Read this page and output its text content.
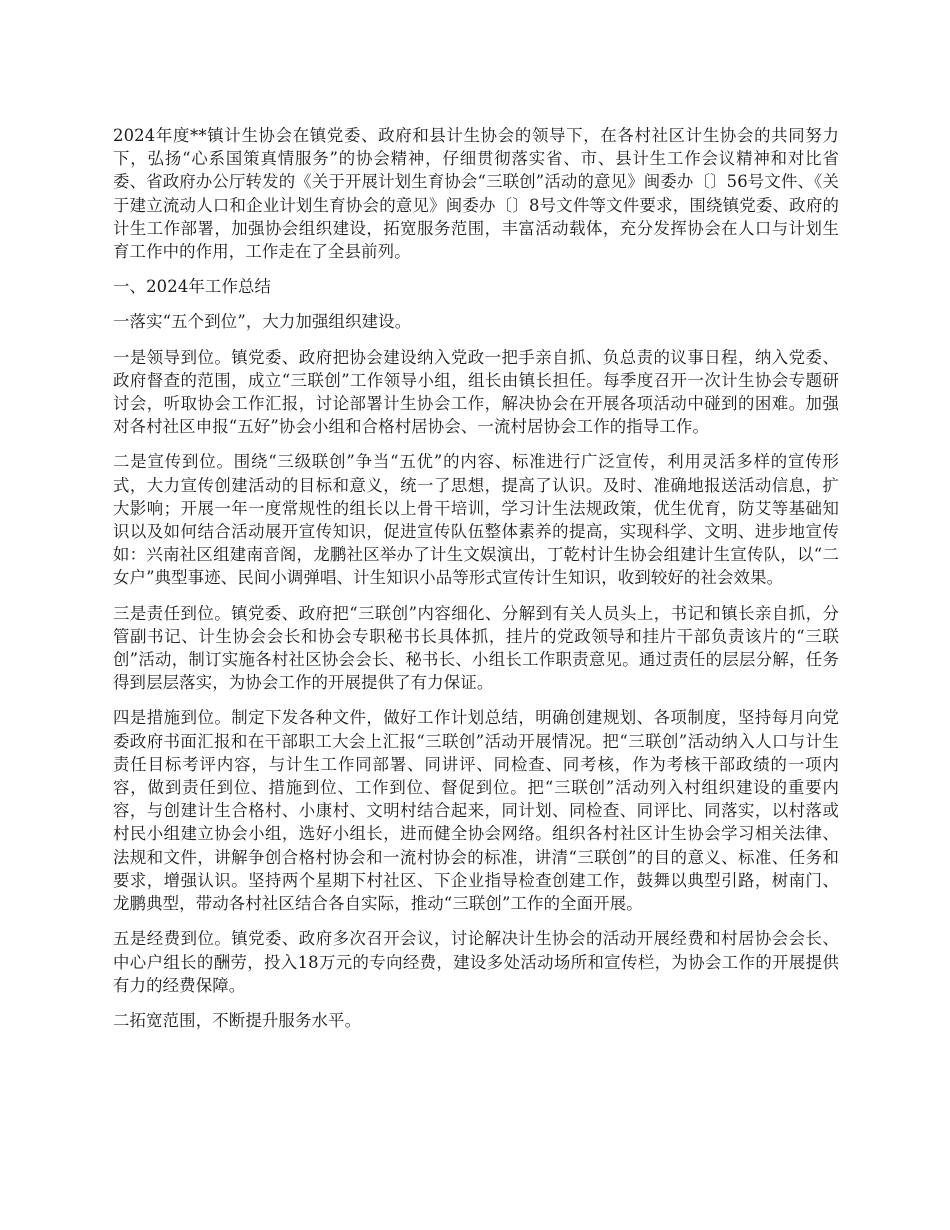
2024年度**镇计生协会在镇党委、政府和县计生协会的领导下，在各村社区计生协会的共同努力下，弘扬“心系国策真情服务”的协会精神，仔细贯彻落实省、市、县计生工作会议精神和对比省委、省政府办公厅转发的《关于开展计划生育协会“三联创”活动的意见》闽委办〔〕56号文件、《关于建立流动人口和企业计划生育协会的意见》闽委办〔〕8号文件等文件要求，围绕镇党委、政府的计生工作部署，加强协会组织建设，拓宽服务范围，丰富活动载体，充分发挥协会在人口与计划生育工作中的作用，工作走在了全县前列。

一、2024年工作总结

一落实“五个到位”，大力加强组织建设。

一是领导到位。镇党委、政府把协会建设纳入党政一把手亲自抓、负总责的议事日程，纳入党委、政府督查的范围，成立“三联创”工作领导小组，组长由镇长担任。每季度召开一次计生协会专题研讨会，听取协会工作汇报，讨论部署计生协会工作，解决协会在开展各项活动中碰到的困难。加强对各村社区申报“五好”协会小组和合格村居协会、一流村居协会工作的指导工作。

二是宣传到位。围绕“三级联创”争当“五优”的内容、标准进行广泛宣传，利用灵活多样的宣传形式，大力宣传创建活动的目标和意义，统一了思想，提高了认识。及时、准确地报送活动信息，扩大影响；开展一年一度常规性的组长以上骨干培训，学习计生法规政策，优生优育，防艾等基础知识以及如何结合活动展开宣传知识，促进宣传队伍整体素养的提高，实现科学、文明、进步地宣传如：兴南社区组建南音阁，龙鹏社区举办了计生文娱演出，丁乾村计生协会组建计生宣传队，以“二女户”典型事迹、民间小调弹唱、计生知识小品等形式宣传计生知识，收到较好的社会效果。

三是责任到位。镇党委、政府把“三联创”内容细化、分解到有关人员头上，书记和镇长亲自抓，分管副书记、计生协会会长和协会专职秘书长具体抓，挂片的党政领导和挂片干部负责该片的“三联创”活动，制订实施各村社区协会会长、秘书长、小组长工作职责意见。通过责任的层层分解，任务得到层层落实，为协会工作的开展提供了有力保证。

四是措施到位。制定下发各种文件，做好工作计划总结，明确创建规划、各项制度，坚持每月向党委政府书面汇报和在干部职工大会上汇报“三联创”活动开展情况。把“三联创”活动纳入人口与计生责任目标考评内容，与计生工作同部署、同讲评、同检查、同考核，作为考核干部政绩的一项内容，做到责任到位、措施到位、工作到位、督促到位。把“三联创”活动列入村组织建设的重要内容，与创建计生合格村、小康村、文明村结合起来，同计划、同检查、同评比、同落实，以村落或村民小组建立协会小组，选好小组长，进而健全协会网络。组织各村社区计生协会学习相关法律、法规和文件，讲解争创合格村协会和一流村协会的标准，讲清“三联创”的目的意义、标准、任务和要求，增强认识。坚持两个星期下村社区、下企业指导检查创建工作，鼓舞以典型引路，树南门、龙鹏典型，带动各村社区结合各自实际，推动“三联创”工作的全面开展。

五是经费到位。镇党委、政府多次召开会议，讨论解决计生协会的活动开展经费和村居协会会长、中心户组长的酬劳，投入18万元的专向经费，建设多处活动场所和宣传栏，为协会工作的开展提供有力的经费保障。

二拓宽范围，不断提升服务水平。
